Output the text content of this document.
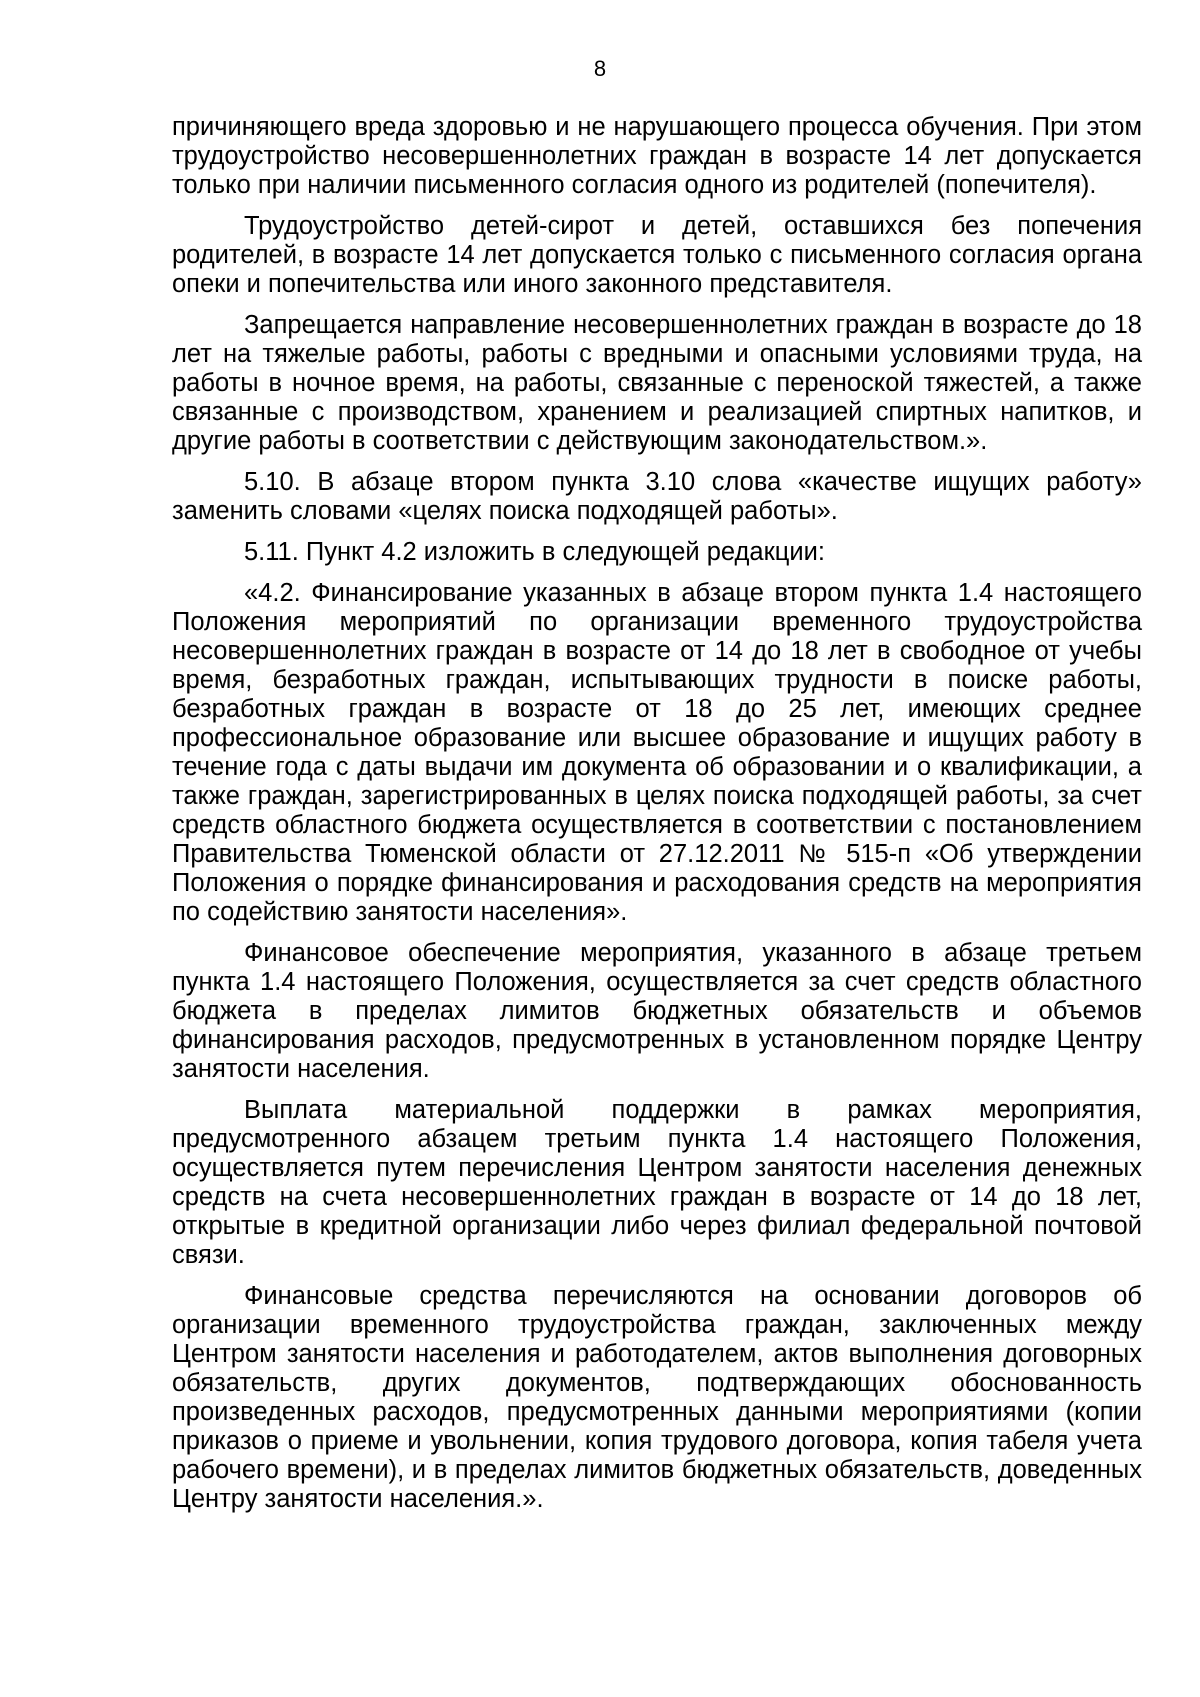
8

причиняющего вреда здоровью и не нарушающего процесса обучения. При этом трудоустройство несовершеннолетних граждан в возрасте 14 лет допускается только при наличии письменного согласия одного из родителей (попечителя).

Трудоустройство детей-сирот и детей, оставшихся без попечения родителей, в возрасте 14 лет допускается только с письменного согласия органа опеки и попечительства или иного законного представителя.

Запрещается направление несовершеннолетних граждан в возрасте до 18 лет на тяжелые работы, работы с вредными и опасными условиями труда, на работы в ночное время, на работы, связанные с переноской тяжестей, а также связанные с производством, хранением и реализацией спиртных напитков, и другие работы в соответствии с действующим законодательством.».

5.10. В абзаце втором пункта 3.10 слова «качестве ищущих работу» заменить словами «целях поиска подходящей работы».

5.11. Пункт 4.2 изложить в следующей редакции:

«4.2. Финансирование указанных в абзаце втором пункта 1.4 настоящего Положения мероприятий по организации временного трудоустройства несовершеннолетних граждан в возрасте от 14 до 18 лет в свободное от учебы время, безработных граждан, испытывающих трудности в поиске работы, безработных граждан в возрасте от 18 до 25 лет, имеющих среднее профессиональное образование или высшее образование и ищущих работу в течение года с даты выдачи им документа об образовании и о квалификации, а также граждан, зарегистрированных в целях поиска подходящей работы, за счет средств областного бюджета осуществляется в соответствии с постановлением Правительства Тюменской области от 27.12.2011 № 515-п «Об утверждении Положения о порядке финансирования и расходования средств на мероприятия по содействию занятости населения».

Финансовое обеспечение мероприятия, указанного в абзаце третьем пункта 1.4 настоящего Положения, осуществляется за счет средств областного бюджета в пределах лимитов бюджетных обязательств и объемов финансирования расходов, предусмотренных в установленном порядке Центру занятости населения.

Выплата материальной поддержки в рамках мероприятия, предусмотренного абзацем третьим пункта 1.4 настоящего Положения, осуществляется путем перечисления Центром занятости населения денежных средств на счета несовершеннолетних граждан в возрасте от 14 до 18 лет, открытые в кредитной организации либо через филиал федеральной почтовой связи.

Финансовые средства перечисляются на основании договоров об организации временного трудоустройства граждан, заключенных между Центром занятости населения и работодателем, актов выполнения договорных обязательств, других документов, подтверждающих обоснованность произведенных расходов, предусмотренных данными мероприятиями (копии приказов о приеме и увольнении, копия трудового договора, копия табеля учета рабочего времени), и в пределах лимитов бюджетных обязательств, доведенных Центру занятости населения.».
